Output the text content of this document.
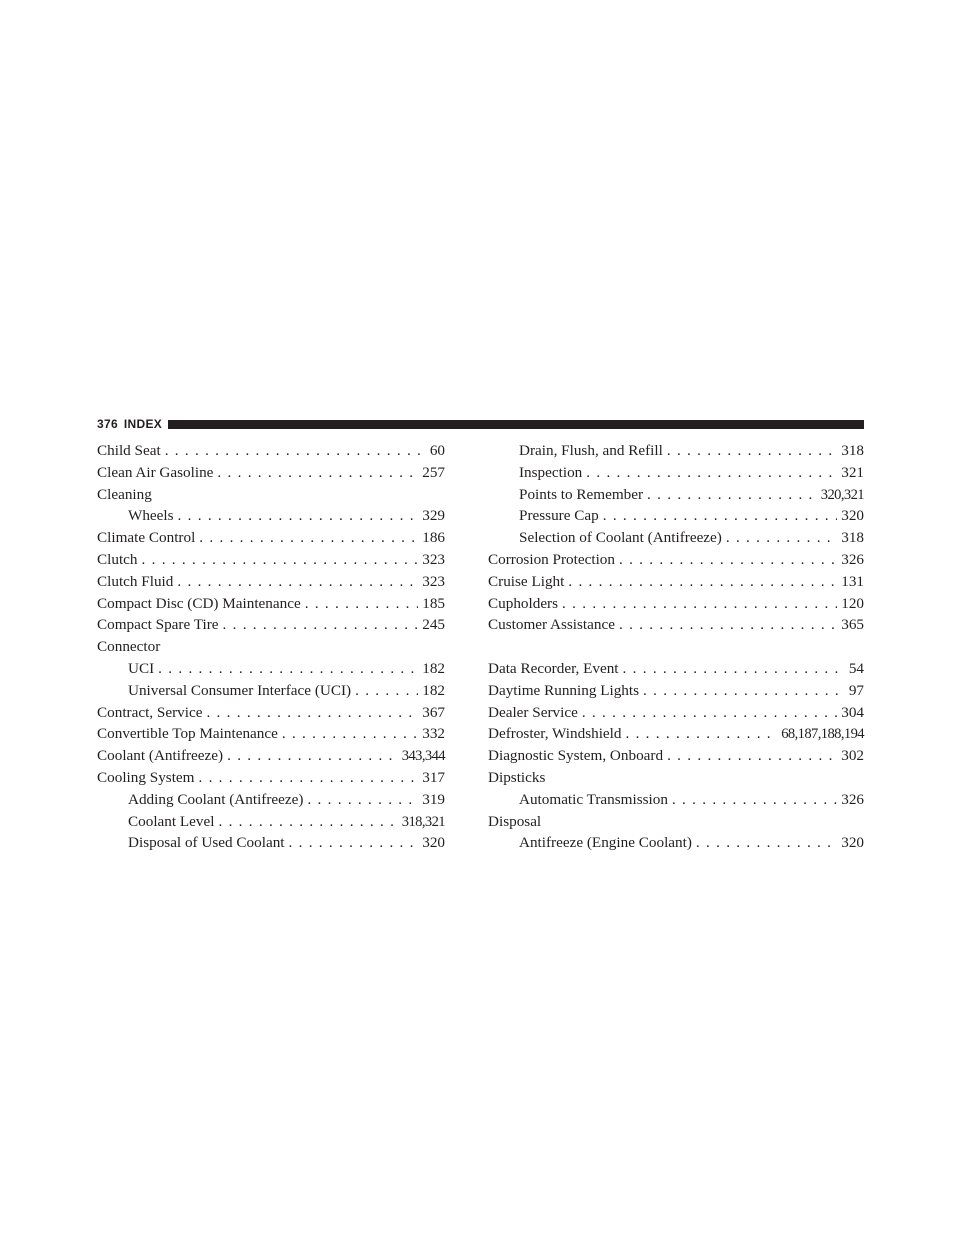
376 INDEX
Child Seat . . .	60
Clean Air Gasoline . . .	257
Cleaning
Wheels . . .	329
Climate Control . . .	186
Clutch . . .	323
Clutch Fluid . . .	323
Compact Disc (CD) Maintenance . . .	185
Compact Spare Tire . . .	245
Connector
UCI . . .	182
Universal Consumer Interface (UCI) . . .	182
Contract, Service . . .	367
Convertible Top Maintenance . . .	332
Coolant (Antifreeze) . . .	343,344
Cooling System . . .	317
Adding Coolant (Antifreeze) . . .	319
Coolant Level . . .	318,321
Disposal of Used Coolant . . .	320
Drain, Flush, and Refill . . .	318
Inspection . . .	321
Points to Remember . . .	320,321
Pressure Cap . . .	320
Selection of Coolant (Antifreeze) . . .	318
Corrosion Protection . . .	326
Cruise Light . . .	131
Cupholders . . .	120
Customer Assistance . . .	365
Data Recorder, Event . . .	54
Daytime Running Lights . . .	97
Dealer Service . . .	304
Defroster, Windshield . . .	68,187,188,194
Diagnostic System, Onboard . . .	302
Dipsticks
Automatic Transmission . . .	326
Disposal
Antifreeze (Engine Coolant) . . .	320
